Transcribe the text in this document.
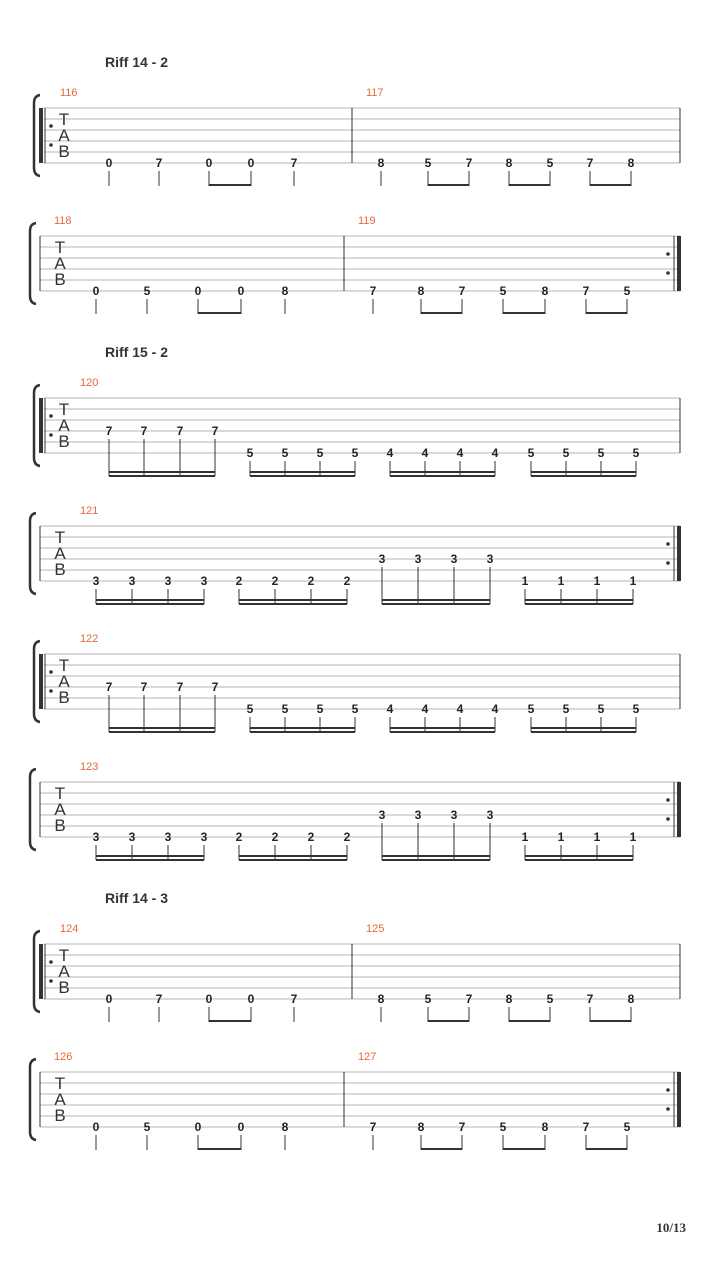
Riff 14 - 2
T
A
B
116
0	7	0	0	7
117
8	5	7	8	5	7	8
T
A
B
118
0	5	0	0	8
119
7	8	7	5	8	7	5
Riff 15 - 2
T
A
B
120
7 7 7 7
5 5 5 5 4 4 4 4 5 5 5 5
T
A
B
121
3 3 3 3 2 2 2 2
3 3 3 3
1 1 1 1
T
A
B
122
7 7 7 7
5 5 5 5 4 4 4 4 5 5 5 5
T
A
B
123
3 3 3 3 2 2 2 2
3 3 3 3
1 1 1 1
Riff 14 - 3
T
A
B
124
0	7	0	0	7
125
8	5	7	8	5	7	8
T
A
B
126
0	5	0	0	8
127
7	8	7	5	8	7	5
10/13
